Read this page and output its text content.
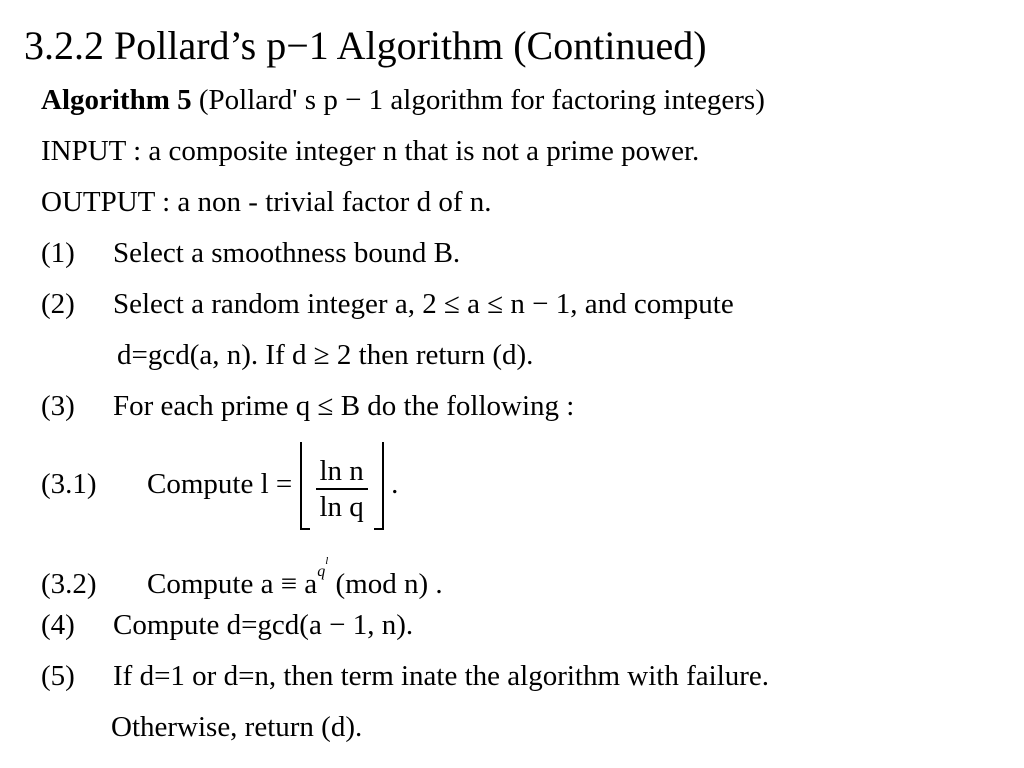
3.2.2 Pollard’s p−1 Algorithm (Continued)
Algorithm 5 (Pollard' s p − 1 algorithm for factoring integers)
INPUT : a composite integer n that is not a prime power.
OUTPUT : a non - trivial factor d of n.
(1) Select a smoothness bound B.
(2) Select a random integer a, 2 ≤ a ≤ n − 1, and compute
d=gcd(a, n). If d ≥ 2 then return (d).
(3) For each prime q ≤ B do the following :
(3.1) Compute $l = \frac{\text{ln n}}{\text{ln q}}$ .
(3.2) Compute $a \equiv a^{q^l}$ (mod n) .
(4) Compute d=gcd(a − 1, n).
(5) If d=1 or d=n, then term inate the algorithm with failure.
Otherwise, return (d).
